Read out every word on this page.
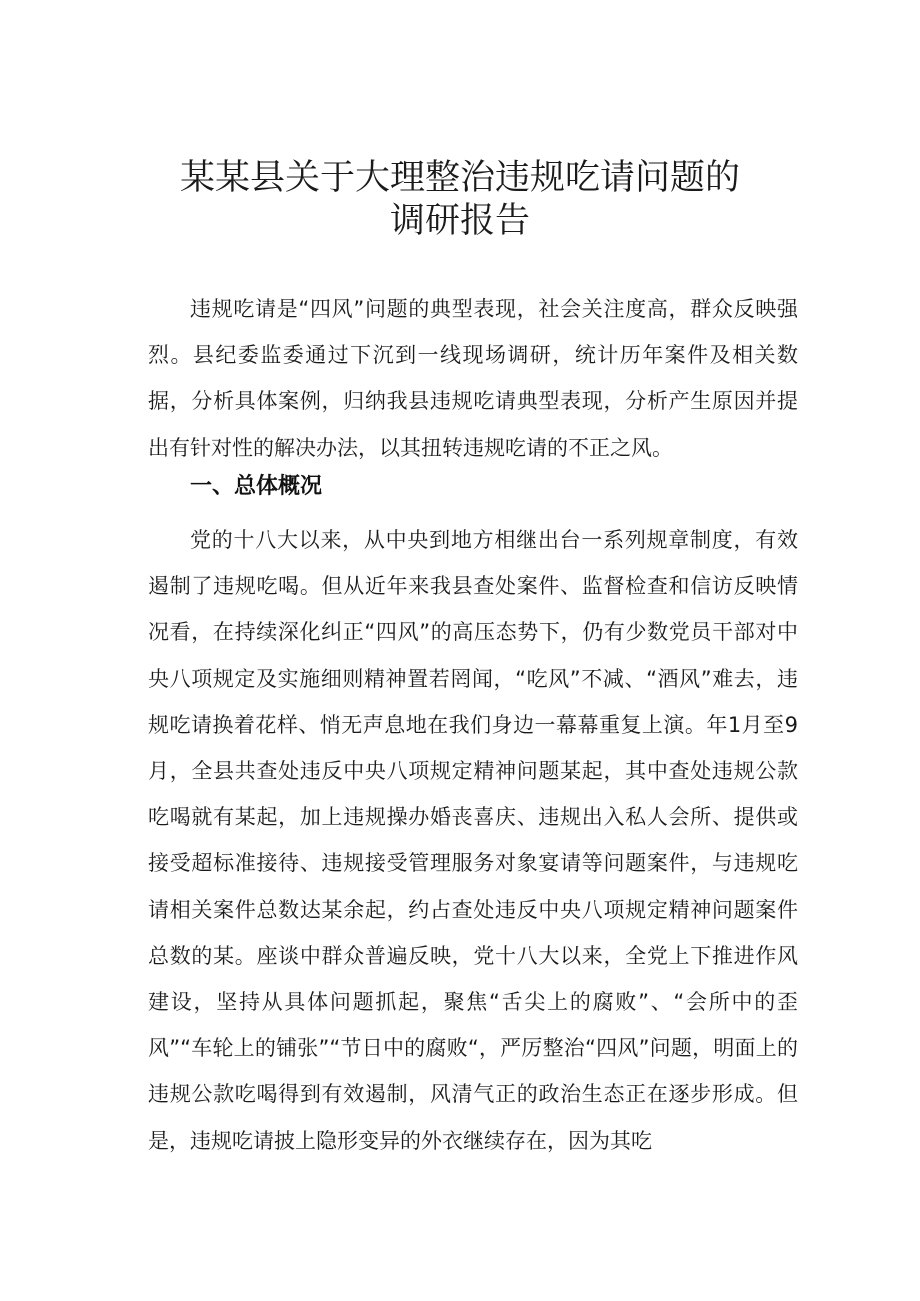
某某县关于大理整治违规吃请问题的
调研报告

违规吃请是“四风”问题的典型表现，社会关注度高，群众反映强烈。县纪委监委通过下沉到一线现场调研，统计历年案件及相关数据，分析具体案例，归纳我县违规吃请典型表现，分析产生原因并提出有针对性的解决办法，以其扭转违规吃请的不正之风。

一、总体概况

党的十八大以来，从中央到地方相继出台一系列规章制度，有效遏制了违规吃喝。但从近年来我县查处案件、监督检查和信访反映情况看，在持续深化纠正“四风”的高压态势下，仍有少数党员干部对中央八项规定及实施细则精神置若罔闻，“吃风”不减、“酒风”难去，违规吃请换着花样、悄无声息地在我们身边一幕幕重复上演。年1月至9月，全县共查处违反中央八项规定精神问题某起，其中查处违规公款吃喝就有某起，加上违规操办婚丧喜庆、违规出入私人会所、提供或接受超标准接待、违规接受管理服务对象宴请等问题案件，与违规吃请相关案件总数达某余起，约占查处违反中央八项规定精神问题案件总数的某。座谈中群众普遍反映，党十八大以来，全党上下推进作风建设，坚持从具体问题抓起，聚焦“舌尖上的腐败”、“会所中的歪风”“车轮上的铺张”“节日中的腐败“，严厉整治“四风”问题，明面上的违规公款吃喝得到有效遏制，风清气正的政治生态正在逐步形成。但是，违规吃请披上隐形变异的外衣继续存在，因为其吃
